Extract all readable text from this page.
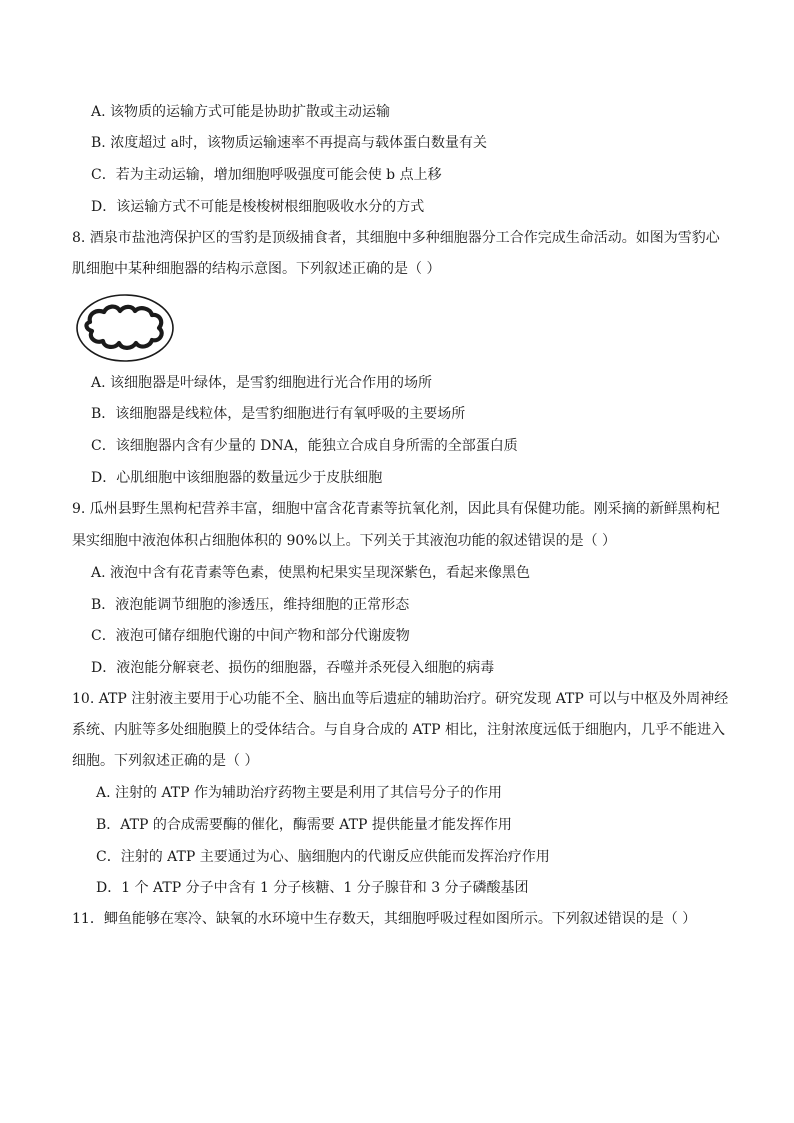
A. 该物质的运输方式可能是协助扩散或主动运输
B. 浓度超过 a时，该物质运输速率不再提高与载体蛋白数量有关
C．若为主动运输，增加细胞呼吸强度可能会使 b 点上移
D．该运输方式不可能是梭梭树根细胞吸收水分的方式
8. 酒泉市盐池湾保护区的雪豹是顶级捕食者，其细胞中多种细胞器分工合作完成生命活动。如图为雪豹心
肌细胞中某种细胞器的结构示意图。下列叙述正确的是（ ）
A. 该细胞器是叶绿体，是雪豹细胞进行光合作用的场所
B．该细胞器是线粒体，是雪豹细胞进行有氧呼吸的主要场所
C．该细胞器内含有少量的 DNA，能独立合成自身所需的全部蛋白质
D．心肌细胞中该细胞器的数量远少于皮肤细胞
9. 瓜州县野生黑枸杞营养丰富，细胞中富含花青素等抗氧化剂，因此具有保健功能。刚采摘的新鲜黑枸杞
果实细胞中液泡体积占细胞体积的 90%以上。下列关于其液泡功能的叙述错误的是（ ）
A. 液泡中含有花青素等色素，使黑枸杞果实呈现深紫色，看起来像黑色
B．液泡能调节细胞的渗透压，维持细胞的正常形态
C．液泡可储存细胞代谢的中间产物和部分代谢废物
D．液泡能分解衰老、损伤的细胞器，吞噬并杀死侵入细胞的病毒
10. ATP 注射液主要用于心功能不全、脑出血等后遗症的辅助治疗。研究发现 ATP 可以与中枢及外周神经
系统、内脏等多处细胞膜上的受体结合。与自身合成的 ATP 相比，注射浓度远低于细胞内，几乎不能进入
细胞。下列叙述正确的是（ ）
A. 注射的 ATP 作为辅助治疗药物主要是利用了其信号分子的作用
B．ATP 的合成需要酶的催化，酶需要 ATP 提供能量才能发挥作用
C．注射的 ATP 主要通过为心、脑细胞内的代谢反应供能而发挥治疗作用
D．1 个 ATP 分子中含有 1 分子核糖、1 分子腺苷和 3 分子磷酸基团
11．鲫鱼能够在寒冷、缺氧的水环境中生存数天，其细胞呼吸过程如图所示。下列叙述错误的是（ ）
